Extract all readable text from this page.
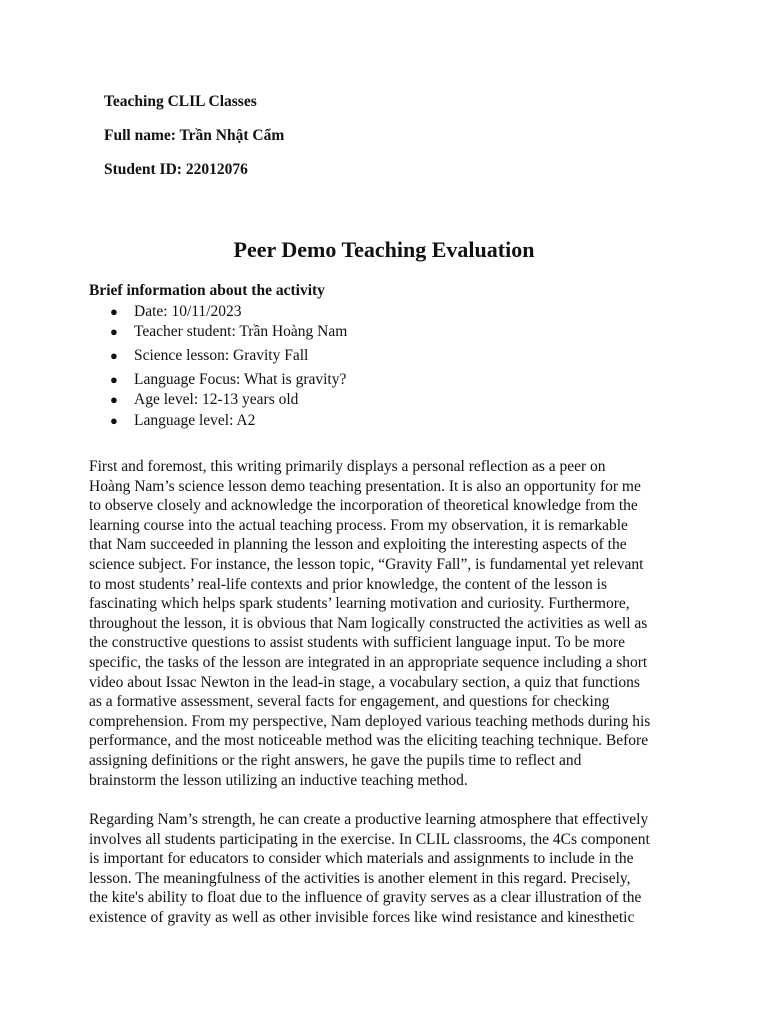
Teaching CLIL Classes
Full name: Trần Nhật Cẩm
Student ID: 22012076
Peer Demo Teaching Evaluation
Brief information about the activity
● Date: 10/11/2023
● Teacher student: Trần Hoàng Nam
● Science lesson: Gravity Fall
● Language Focus: What is gravity?
● Age level: 12-13 years old
● Language level: A2
First and foremost, this writing primarily displays a personal reflection as a peer on
Hoàng Nam’s science lesson demo teaching presentation. It is also an opportunity for me
to observe closely and acknowledge the incorporation of theoretical knowledge from the
learning course into the actual teaching process. From my observation, it is remarkable
that Nam succeeded in planning the lesson and exploiting the interesting aspects of the
science subject. For instance, the lesson topic, “Gravity Fall”, is fundamental yet relevant
to most students’ real-life contexts and prior knowledge, the content of the lesson is
fascinating which helps spark students’ learning motivation and curiosity. Furthermore,
throughout the lesson, it is obvious that Nam logically constructed the activities as well as
the constructive questions to assist students with sufficient language input. To be more
specific, the tasks of the lesson are integrated in an appropriate sequence including a short
video about Issac Newton in the lead-in stage, a vocabulary section, a quiz that functions
as a formative assessment, several facts for engagement, and questions for checking
comprehension. From my perspective, Nam deployed various teaching methods during his
performance, and the most noticeable method was the eliciting teaching technique. Before
assigning definitions or the right answers, he gave the pupils time to reflect and
brainstorm the lesson utilizing an inductive teaching method.
Regarding Nam’s strength, he can create a productive learning atmosphere that effectively
involves all students participating in the exercise. In CLIL classrooms, the 4Cs component
is important for educators to consider which materials and assignments to include in the
lesson. The meaningfulness of the activities is another element in this regard. Precisely,
the kite's ability to float due to the influence of gravity serves as a clear illustration of the
existence of gravity as well as other invisible forces like wind resistance and kinesthetic
